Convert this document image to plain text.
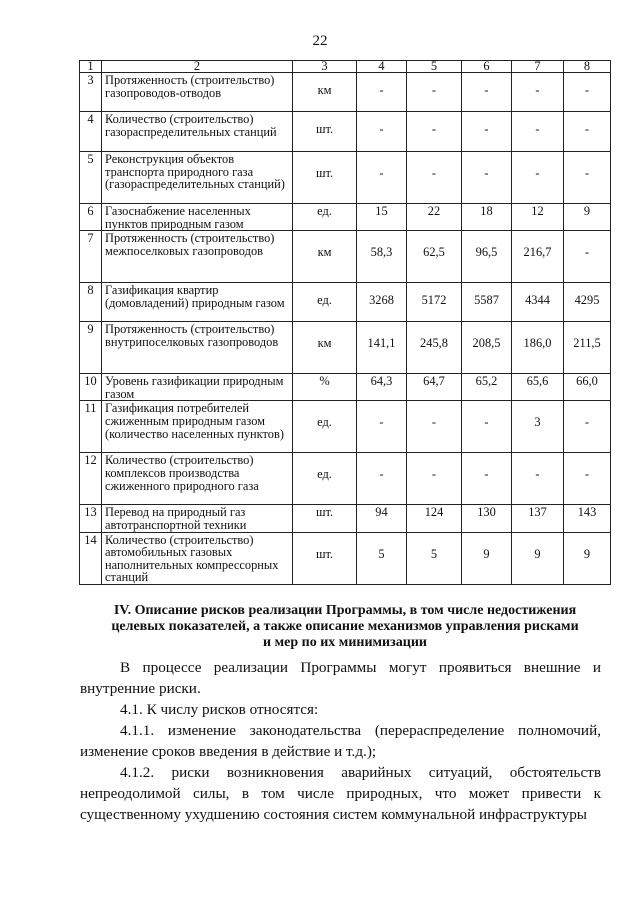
22
1	2	3	4	5	6	7	8
3	Протяженность (строительство) газопроводов-отводов	км	-	-	-	-	-
4	Количество (строительство) газораспределительных станций	шт.	-	-	-	-	-
5	Реконструкция объектов транспорта природного газа (газораспределительных станций)	шт.	-	-	-	-	-
6	Газоснабжение населенных пунктов природным газом	ед.	15	22	18	12	9
7	Протяженность (строительство) межпоселковых газопроводов	км	58,3	62,5	96,5	216,7	-
8	Газификация квартир (домовладений) природным газом	ед.	3268	5172	5587	4344	4295
9	Протяженность (строительство) внутрипоселковых газопроводов	км	141,1	245,8	208,5	186,0	211,5
10	Уровень газификации природным газом	%	64,3	64,7	65,2	65,6	66,0
11	Газификация потребителей сжиженным природным газом (количество населенных пунктов)	ед.	-	-	-	3	-
12	Количество (строительство) комплексов производства сжиженного природного газа	ед.	-	-	-	-	-
13	Перевод на природный газ автотранспортной техники	шт.	94	124	130	137	143
14	Количество (строительство) автомобильных газовых наполнительных компрессорных станций	шт.	5	5	9	9	9
IV. Описание рисков реализации Программы, в том числе недостижения
целевых показателей, а также описание механизмов управления рисками
и мер по их минимизации

В процессе реализации Программы могут проявиться внешние и внутренние риски.

4.1. К числу рисков относятся:

4.1.1. изменение законодательства (перераспределение полномочий, изменение сроков введения в действие и т.д.);

4.1.2. риски возникновения аварийных ситуаций, обстоятельств непреодолимой силы, в том числе природных, что может привести к существенному ухудшению состояния систем коммунальной инфраструктуры
